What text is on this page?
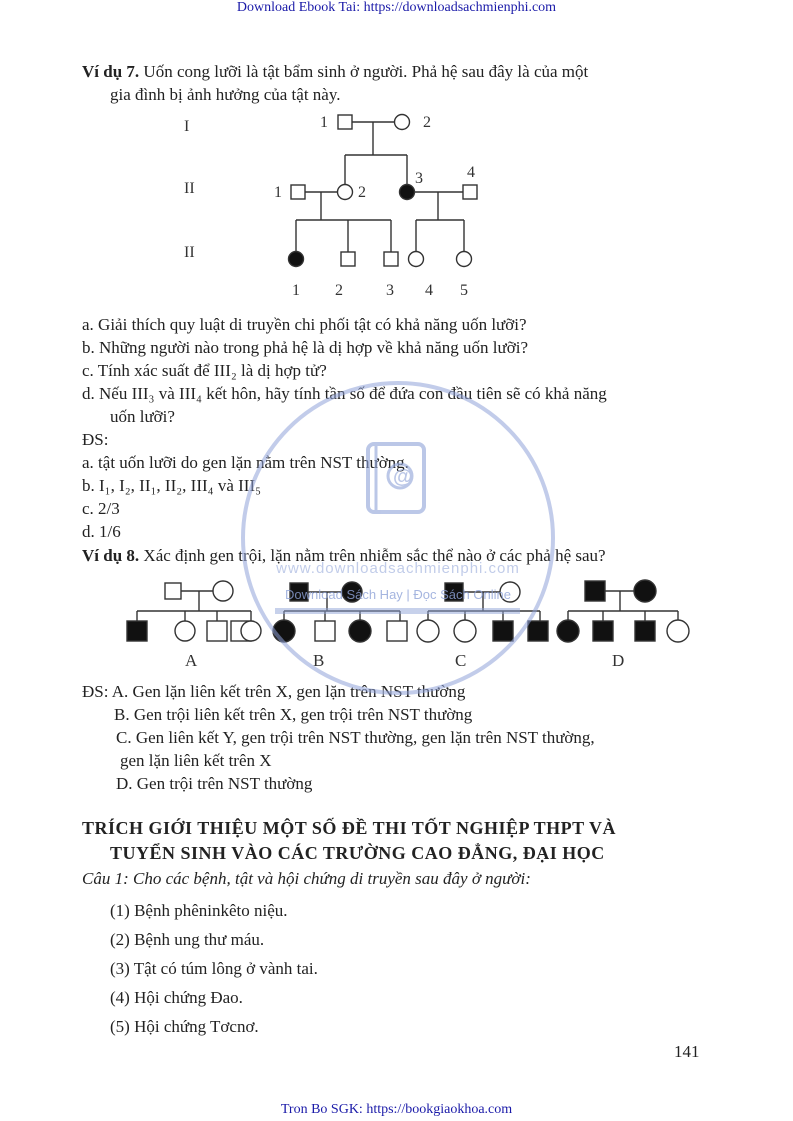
Download Ebook Tai: https://downloadsachmienphi.com
Ví dụ 7. Uốn cong lưỡi là tật bẩm sinh ở người. Phả hệ sau đây là của một
gia đình bị ảnh hưởng của tật này.
I
II
II
1	2
1	2
3	4
1 2	3 4 5
a. Giải thích quy luật di truyền chi phối tật có khả năng uốn lưỡi?
b. Những người nào trong phả hệ là dị hợp về khả năng uốn lưỡi?
c. Tính xác suất để III₂ là dị hợp tử?
d. Nếu III₃ và III₄ kết hôn, hãy tính tần số để đứa con đầu tiên sẽ có khả năng
uốn lưỡi?
ĐS:
a. tật uốn lưỡi do gen lặn nằm trên NST thường.
b. I₁, I₂, II₁, II₂, III₄ và III₅
c. 2/3
d. 1/6
Ví dụ 8. Xác định gen trội, lặn nằm trên nhiễm sắc thể nào ở các phả hệ sau?
A	B	C	D
ĐS: A. Gen lặn liên kết trên X, gen lặn trên NST thường
B. Gen trội liên kết trên X, gen trội trên NST thường
C. Gen liên kết Y, gen trội trên NST thường, gen lặn trên NST thường,
gen lặn liên kết trên X
D. Gen trội trên NST thường
TRÍCH GIỚI THIỆU MỘT SỐ ĐỀ THI TỐT NGHIỆP THPT VÀ
TUYỂN SINH VÀO CÁC TRƯỜNG CAO ĐẲNG, ĐẠI HỌC
Câu 1: Cho các bệnh, tật và hội chứng di truyền sau đây ở người:
(1) Bệnh phêninkêto niệu.
(2) Bệnh ung thư máu.
(3) Tật có túm lông ở vành tai.
(4) Hội chứng Đao.
(5) Hội chứng Tơcnơ.
141
Tron Bo SGK: https://bookgiaokhoa.com
@
www.downloadsachmienphi.com
Download Sách Hay | Đọc Sách Online
